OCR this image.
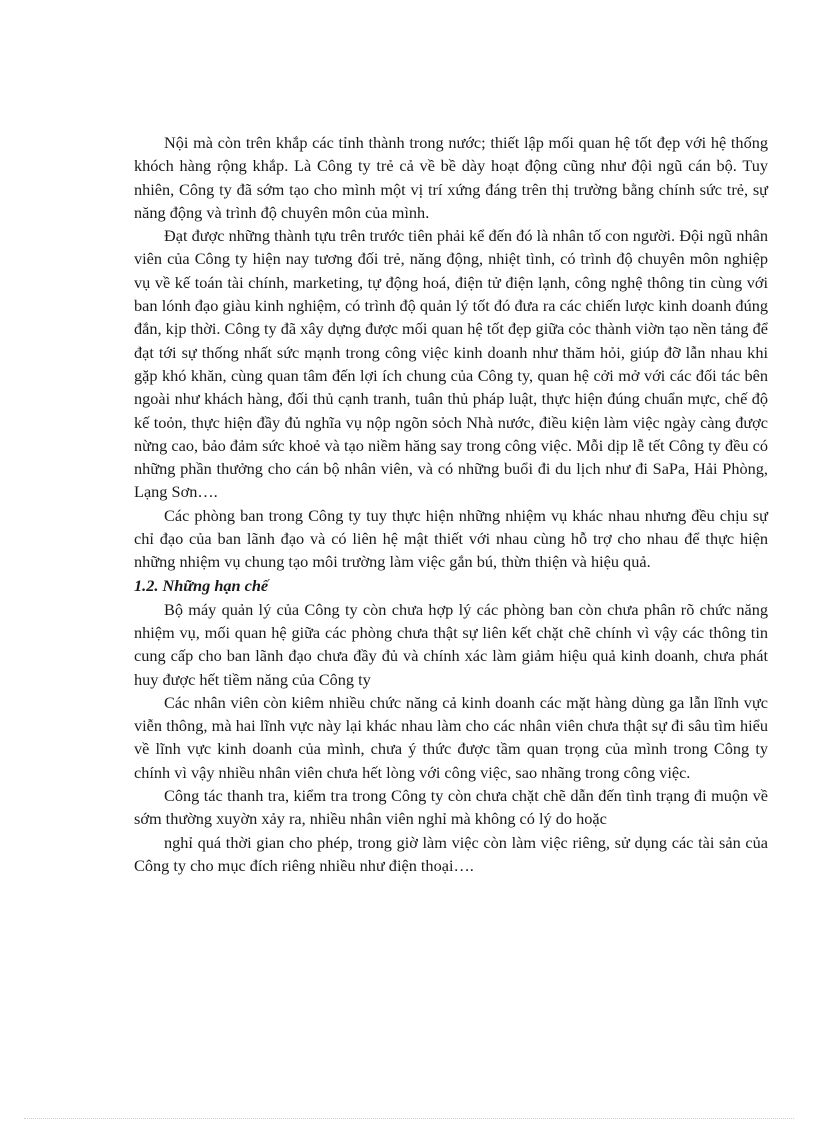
Nội mà còn trên khắp các tỉnh thành trong nước; thiết lập mối quan hệ tốt đẹp với hệ thống khóch hàng rộng khắp. Là Công ty trẻ cả về bề dày hoạt động cũng như đội ngũ cán bộ. Tuy nhiên, Công ty đã sớm tạo cho mình một vị trí xứng đáng trên thị trường bằng chính sức trẻ, sự năng động và trình độ chuyên môn của mình.

Đạt được những thành tựu trên trước tiên phải kể đến đó là nhân tố con người. Đội ngũ nhân viên của Công ty hiện nay tương đối trẻ, năng động, nhiệt tình, có trình độ chuyên môn nghiệp vụ về kế toán tài chính, marketing, tự động hoá, điện tử điện lạnh, công nghệ thông tin cùng với ban lónh đạo giàu kinh nghiệm, có trình độ quản lý tốt đó đưa ra các chiến lược kinh doanh đúng đắn, kịp thời. Công ty đã xây dựng được mối quan hệ tốt đẹp giữa cỏc thành viờn tạo nền tảng để đạt tới sự thống nhất sức mạnh trong công việc kinh doanh như thăm hỏi, giúp đỡ lẫn nhau khi gặp khó khăn, cùng quan tâm đến lợi ích chung của Công ty, quan hệ cởi mở với các đối tác bên ngoài như khách hàng, đối thủ cạnh tranh, tuân thủ pháp luật, thực hiện đúng chuẩn mực, chế độ kế toỏn, thực hiện đầy đủ nghĩa vụ nộp ngõn sỏch Nhà nước, điều kiện làm việc ngày càng được nừng cao, bảo đảm sức khoẻ và tạo niềm hăng say trong công việc. Mỗi dịp lễ tết Công ty đều có những phần thưởng cho cán bộ nhân viên, và có những buổi đi du lịch như đi SaPa, Hải Phòng, Lạng Sơn….

Các phòng ban trong Công ty tuy thực hiện những nhiệm vụ khác nhau nhưng đều chịu sự chỉ đạo của ban lãnh đạo và có liên hệ mật thiết với nhau cùng hỗ trợ cho nhau để thực hiện những nhiệm vụ chung tạo môi trường làm việc gắn bú, thừn thiện và hiệu quả.

1.2. Những hạn chế

Bộ máy quản lý của Công ty còn chưa hợp lý các phòng ban còn chưa phân rõ chức năng nhiệm vụ, mối quan hệ giữa các phòng chưa thật sự liên kết chặt chẽ chính vì vậy các thông tin cung cấp cho ban lãnh đạo chưa đầy đủ và chính xác làm giảm hiệu quả kinh doanh, chưa phát huy được hết tiềm năng của Công ty

Các nhân viên còn kiêm nhiều chức năng cả kinh doanh các mặt hàng dùng ga lẫn lĩnh vực viễn thông, mà hai lĩnh vực này lại khác nhau làm cho các nhân viên chưa thật sự đi sâu tìm hiểu về lĩnh vực kinh doanh của mình, chưa ý thức được tầm quan trọng của mình trong Công ty chính vì vậy nhiều nhân viên chưa hết lòng với công việc, sao nhãng trong công việc.

Công tác thanh tra, kiểm tra trong Công ty còn chưa chặt chẽ dẫn đến tình trạng đi muộn về sớm thường xuyờn xảy ra, nhiều nhân viên nghỉ mà không có lý do hoặc

nghỉ quá thời gian cho phép, trong giờ làm việc còn làm việc riêng, sử dụng các tài sản của Công ty cho mục đích riêng nhiều như điện thoại….
